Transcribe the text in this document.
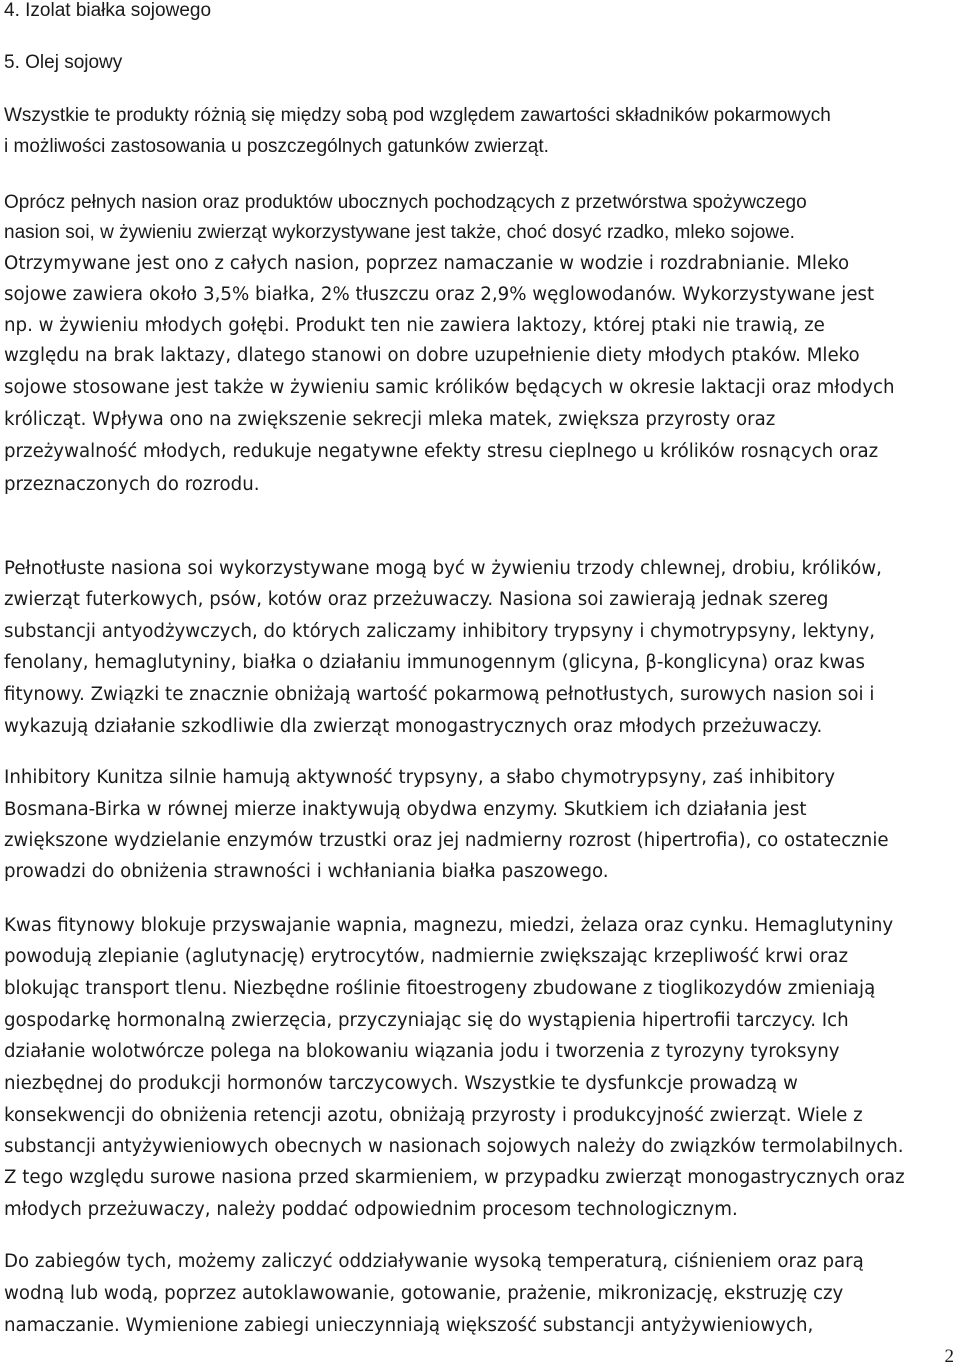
4. Izolat białka sojowego
5. Olej sojowy
Wszystkie te produkty różnią się między sobą pod względem zawartości składników pokarmowych
i możliwości zastosowania u poszczególnych gatunków zwierząt.
Oprócz pełnych nasion oraz produktów ubocznych pochodzących z przetwórstwa spożywczego
nasion soi, w żywieniu zwierząt wykorzystywane jest także, choć dosyć rzadko, mleko sojowe.
Otrzymywane jest ono z całych nasion, poprzez namaczanie w wodzie i rozdrabnianie. Mleko
sojowe zawiera około 3,5% białka, 2% tłuszczu oraz 2,9% węglowodanów. Wykorzystywane jest
np. w żywieniu młodych gołębi. Produkt ten nie zawiera laktozy, której ptaki nie trawią, ze
względu na brak laktazy, dlatego stanowi on dobre uzupełnienie diety młodych ptaków. Mleko
sojowe stosowane jest także w żywieniu samic królików będących w okresie laktacji oraz młodych
królicząt. Wpływa ono na zwiększenie sekrecji mleka matek, zwiększa przyrosty oraz
przeżywalność młodych, redukuje negatywne efekty stresu cieplnego u królików rosnących oraz
przeznaczonych do rozrodu.
Pełnotłuste nasiona soi wykorzystywane mogą być w żywieniu trzody chlewnej, drobiu, królików,
zwierząt futerkowych, psów, kotów oraz przeżuwaczy. Nasiona soi zawierają jednak szereg
substancji antyodżywczych, do których zaliczamy inhibitory trypsyny i chymotrypsyny, lektyny,
fenolany, hemaglutyniny, białka o działaniu immunogennym (glicyna, β-konglicyna) oraz kwas
fitynowy. Związki te znacznie obniżają wartość pokarmową pełnotłustych, surowych nasion soi i
wykazują działanie szkodliwie dla zwierząt monogastrycznych oraz młodych przeżuwaczy.
Inhibitory Kunitza silnie hamują aktywność trypsyny, a słabo chymotrypsyny, zaś inhibitory
Bosmana-Birka w równej mierze inaktywują obydwa enzymy. Skutkiem ich działania jest
zwiększone wydzielanie enzymów trzustki oraz jej nadmierny rozrost (hipertrofia), co ostatecznie
prowadzi do obniżenia strawności i wchłaniania białka paszowego.
Kwas fitynowy blokuje przyswajanie wapnia, magnezu, miedzi, żelaza oraz cynku. Hemaglutyniny
powodują zlepianie (aglutynację) erytrocytów, nadmiernie zwiększając krzepliwość krwi oraz
blokując transport tlenu. Niezbędne roślinie fitoestrogeny zbudowane z tioglikozydów zmieniają
gospodarkę hormonalną zwierzęcia, przyczyniając się do wystąpienia hipertrofii tarczycy. Ich
działanie wolotwórcze polega na blokowaniu wiązania jodu i tworzenia z tyrozyny tyroksyny
niezbędnej do produkcji hormonów tarczycowych. Wszystkie te dysfunkcje prowadzą w
konsekwencji do obniżenia retencji azotu, obniżają przyrosty i produkcyjność zwierząt. Wiele z
substancji antyżywieniowych obecnych w nasionach sojowych należy do związków termolabilnych.
Z tego względu surowe nasiona przed skarmieniem, w przypadku zwierząt monogastrycznych oraz
młodych przeżuwaczy, należy poddać odpowiednim procesom technologicznym.
Do zabiegów tych, możemy zaliczyć oddziaływanie wysoką temperaturą, ciśnieniem oraz parą
wodną lub wodą, poprzez autoklawowanie, gotowanie, prażenie, mikronizację, ekstruzję czy
namaczanie. Wymienione zabiegi unieczynniają większość substancji antyżywieniowych,
2
